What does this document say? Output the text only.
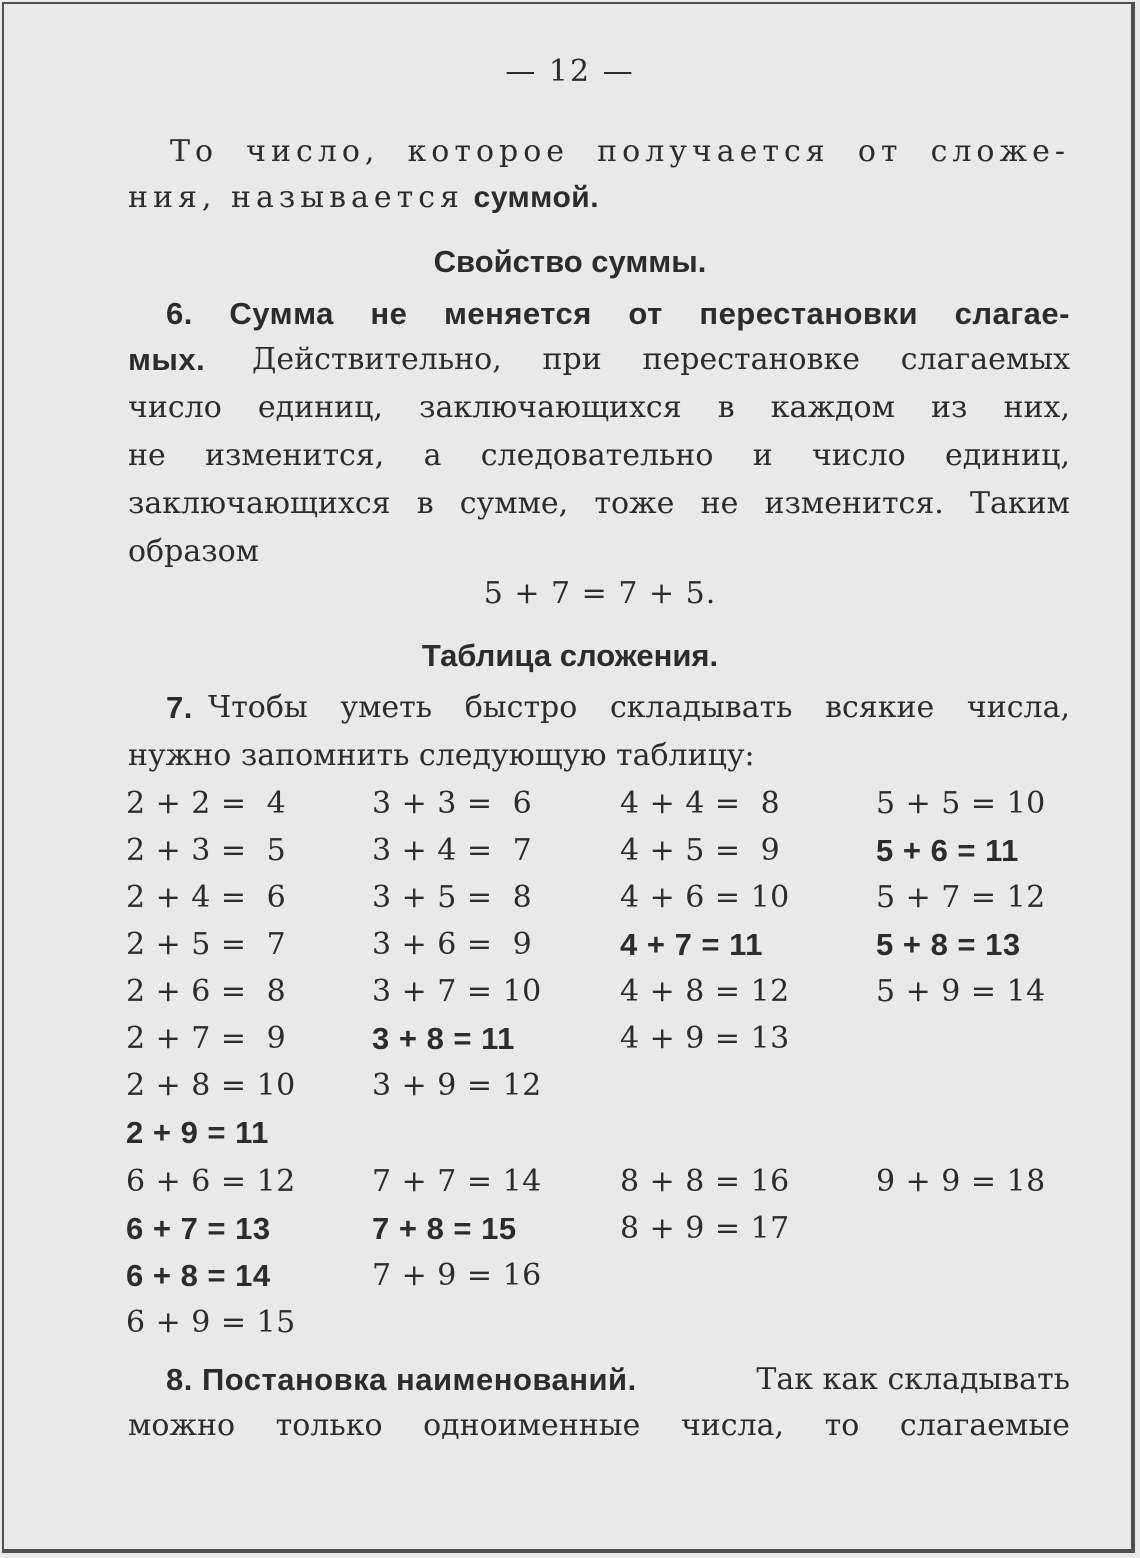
— 12 —
То число, которое получается от сложе-
ния, называется суммой.
Свойство суммы.
6. Сумма не меняется от перестановки слагае-
мых. Действительно, при перестановке слагаемых
число единиц, заключающихся в каждом из них,
не изменится, а следовательно и число единиц,
заключающихся в сумме, тоже не изменится. Таким
образом
5 + 7 = 7 + 5.
Таблица сложения.
7. Чтобы уметь быстро складывать всякие числа,
нужно запомнить следующую таблицу:
2 + 2 =  4	3 + 3 =  6	4 + 4 =  8	5 + 5 = 10
2 + 3 =  5	3 + 4 =  7	4 + 5 =  9	5 + 6 = 11
2 + 4 =  6	3 + 5 =  8	4 + 6 = 10	5 + 7 = 12
2 + 5 =  7	3 + 6 =  9	4 + 7 = 11	5 + 8 = 13
2 + 6 =  8	3 + 7 = 10	4 + 8 = 12	5 + 9 = 14
2 + 7 =  9	3 + 8 = 11	4 + 9 = 13
2 + 8 = 10	3 + 9 = 12
2 + 9 = 11
6 + 6 = 12	7 + 7 = 14	8 + 8 = 16	9 + 9 = 18
6 + 7 = 13	7 + 8 = 15	8 + 9 = 17
6 + 8 = 14	7 + 9 = 16
6 + 9 = 15
8. Постановка наименований.	Так как складывать
можно только одноименные числа, то слагаемые
